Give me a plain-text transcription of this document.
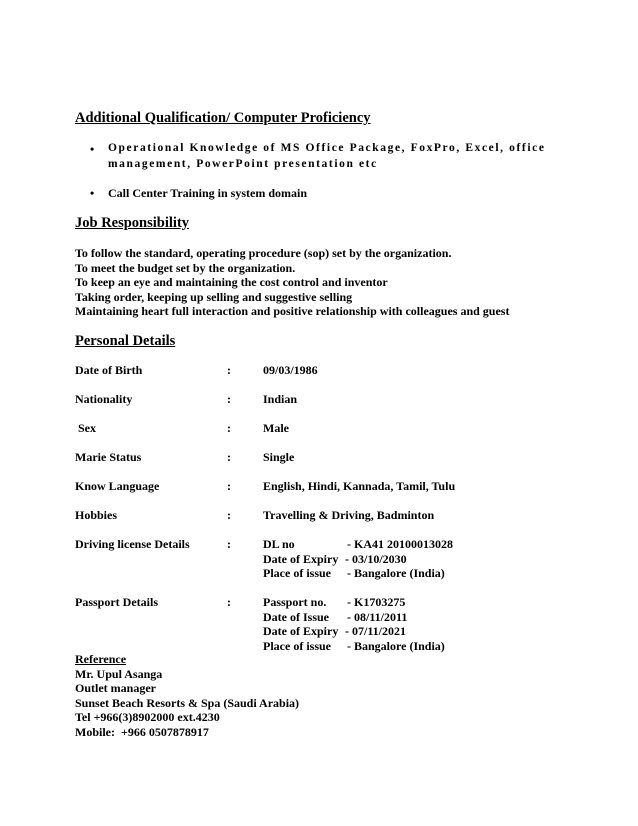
Additional Qualification/ Computer Proficiency
• Operational Knowledge of MS Office Package, FoxPro, Excel, office
management, PowerPoint presentation etc
• Call Center Training in system domain
Job Responsibility
To follow the standard, operating procedure (sop) set by the organization.
To meet the budget set by the organization.
To keep an eye and maintaining the cost control and inventor
Taking order, keeping up selling and suggestive selling
Maintaining heart full interaction and positive relationship with colleagues and guest
Personal Details
Date of Birth	:	09/03/1986
Nationality	:	Indian
Sex	:	Male
Marie Status	:	Single
Know Language	:	English, Hindi, Kannada, Tamil, Tulu
Hobbies	:	Travelling & Driving, Badminton
Driving license Details	:	DL no	- KA41 20100013028
Date of Expiry - 03/10/2030
Place of issue - Bangalore (India)
Passport Details	:	Passport no. - K1703275
Date of Issue - 08/11/2011
Date of Expiry - 07/11/2021
Place of issue - Bangalore (India)
Reference
Mr. Upul Asanga
Outlet manager
Sunset Beach Resorts & Spa (Saudi Arabia)
Tel +966(3)8902000 ext.4230
Mobile:  +966 0507878917
